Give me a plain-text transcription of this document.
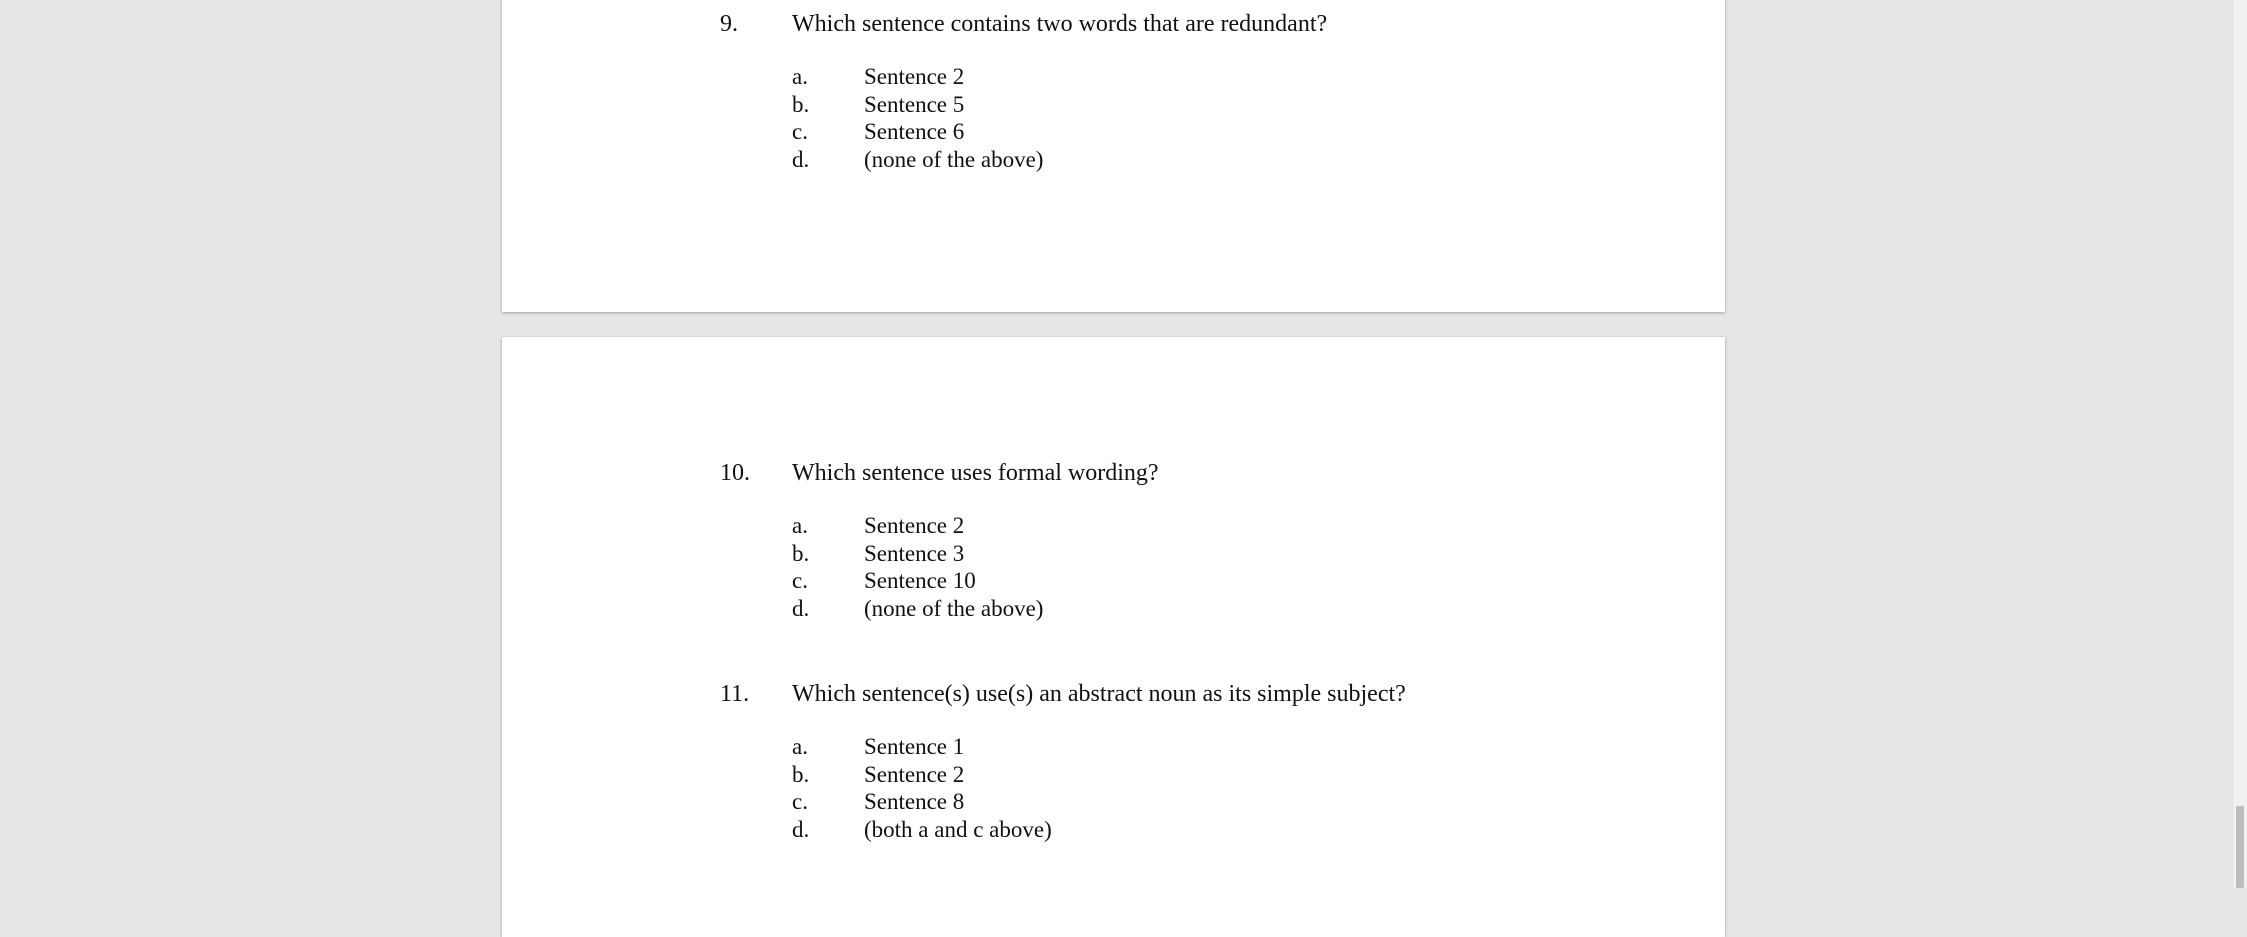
9. Which sentence contains two words that are redundant?
a. Sentence 2
b. Sentence 5
c. Sentence 6
d. (none of the above)
10. Which sentence uses formal wording?
a. Sentence 2
b. Sentence 3
c. Sentence 10
d. (none of the above)
11. Which sentence(s) use(s) an abstract noun as its simple subject?
a. Sentence 1
b. Sentence 2
c. Sentence 8
d. (both a and c above)
